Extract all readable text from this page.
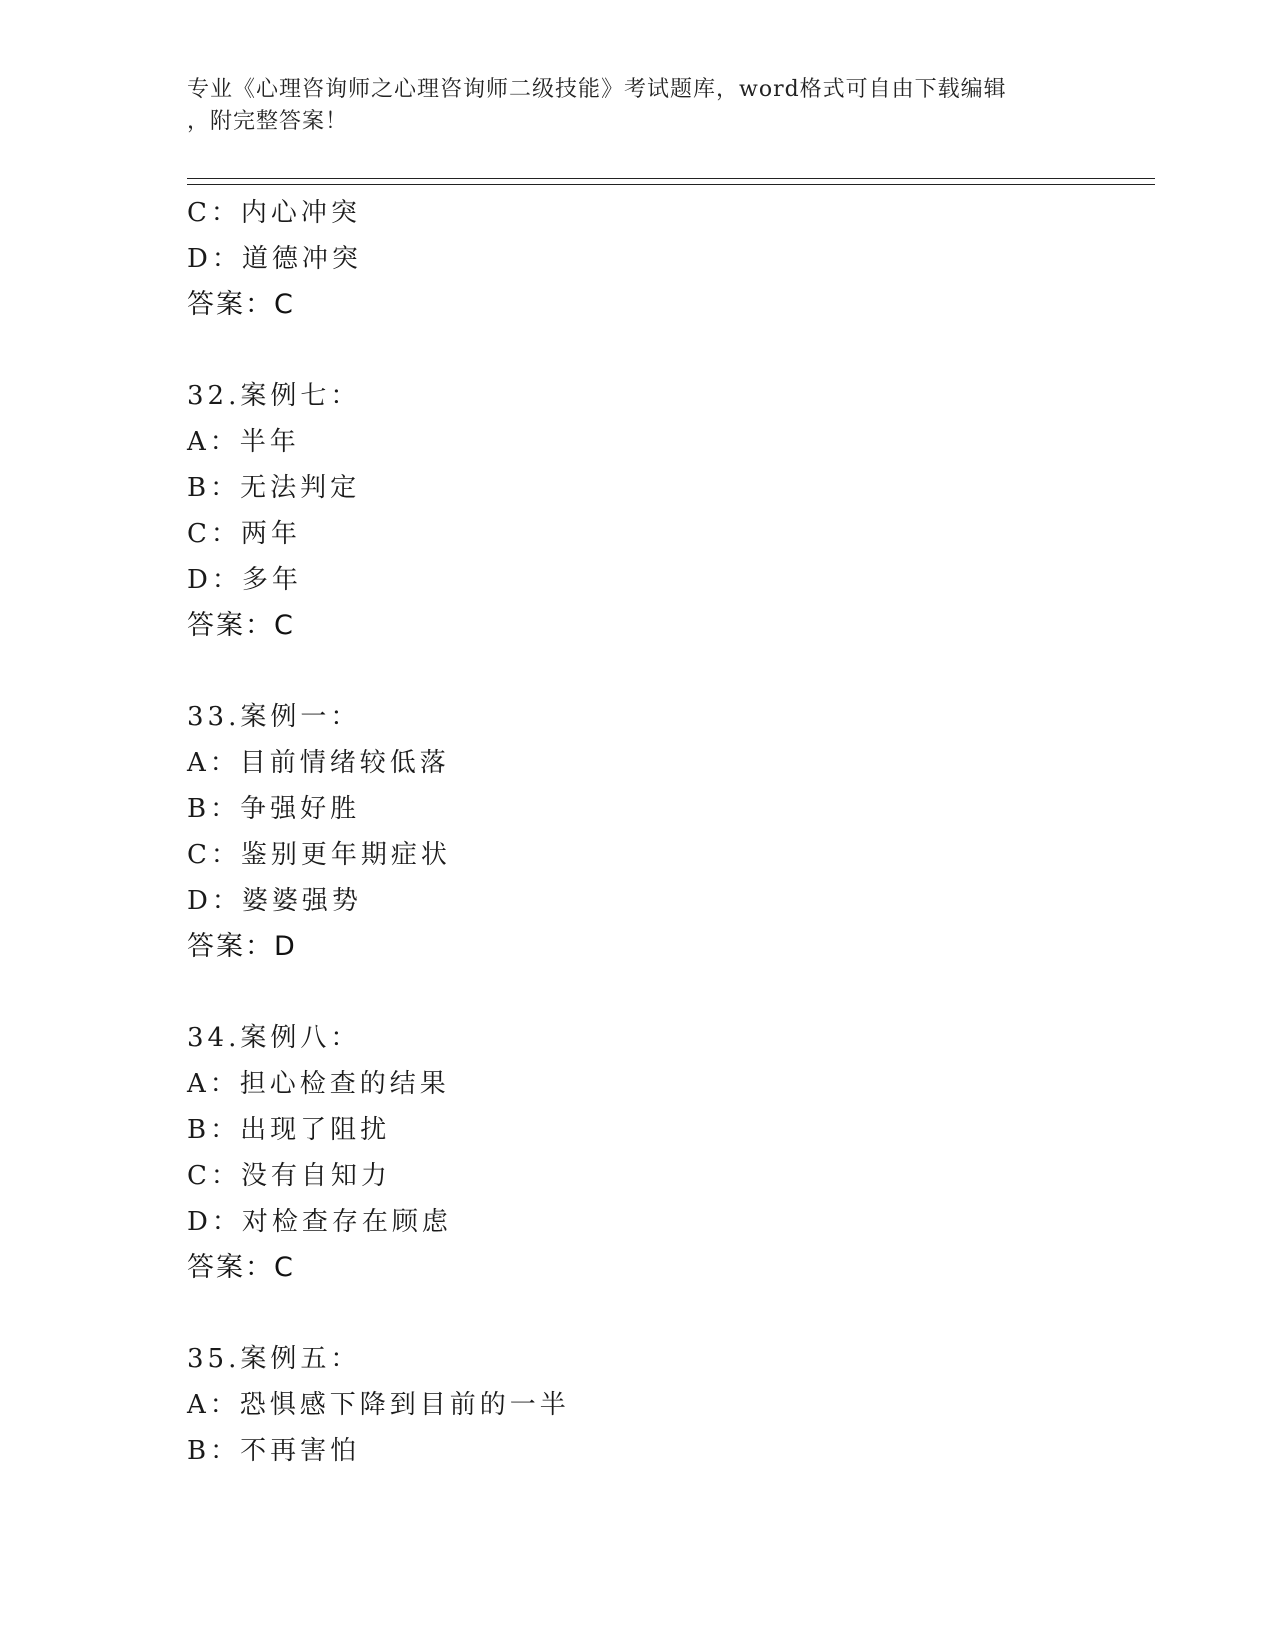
专业《心理咨询师之心理咨询师二级技能》考试题库，word格式可自由下载编辑
，附完整答案！
C：内心冲突
D：道德冲突
答案：C
32.案例七：
A：半年
B：无法判定
C：两年
D：多年
答案：C
33.案例一：
A：目前情绪较低落
B：争强好胜
C：鉴别更年期症状
D：婆婆强势
答案：D
34.案例八：
A：担心检查的结果
B：出现了阻扰
C：没有自知力
D：对检查存在顾虑
答案：C
35.案例五：
A：恐惧感下降到目前的一半
B：不再害怕
